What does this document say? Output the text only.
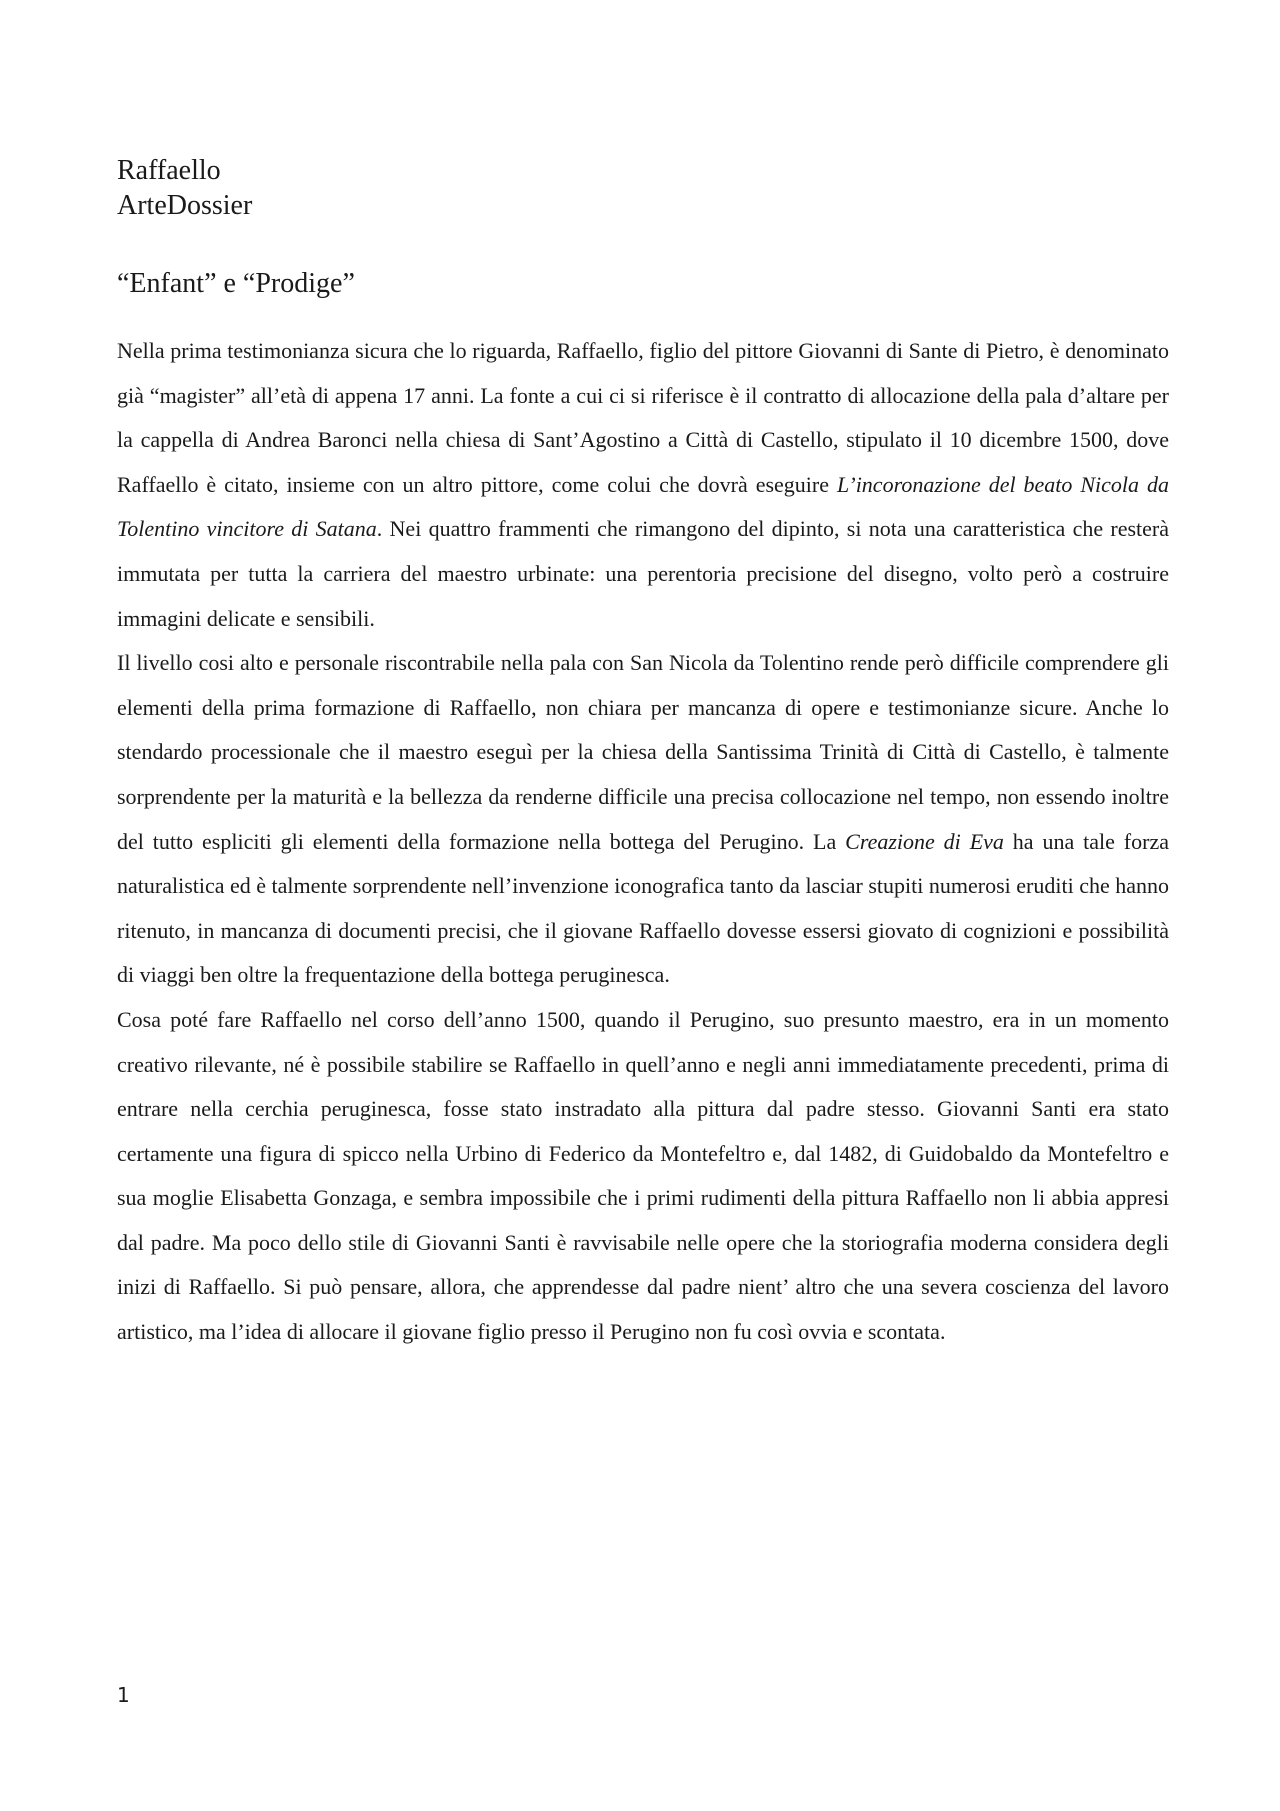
Raffaello
ArteDossier
“Enfant” e “Prodige”

Nella prima testimonianza sicura che lo riguarda, Raffaello, figlio del pittore Giovanni di Sante di Pietro, è denominato già “magister” all’età di appena 17 anni. La fonte a cui ci si riferisce è il contratto di allocazione della pala d’altare per la cappella di Andrea Baronci nella chiesa di Sant’Agostino a Città di Castello, stipulato il 10 dicembre 1500, dove Raffaello è citato, insieme con un altro pittore, come colui che dovrà eseguire L’incoronazione del beato Nicola da Tolentino vincitore di Satana. Nei quattro frammenti che rimangono del dipinto, si nota una caratteristica che resterà immutata per tutta la carriera del maestro urbinate: una perentoria precisione del disegno, volto però a costruire immagini delicate e sensibili.

Il livello cosi alto e personale riscontrabile nella pala con San Nicola da Tolentino rende però difficile comprendere gli elementi della prima formazione di Raffaello, non chiara per mancanza di opere e testimonianze sicure. Anche lo stendardo processionale che il maestro eseguì per la chiesa della Santissima Trinità di Città di Castello, è talmente sorprendente per la maturità e la bellezza da renderne difficile una precisa collocazione nel tempo, non essendo inoltre del tutto espliciti gli elementi della formazione nella bottega del Perugino. La Creazione di Eva ha una tale forza naturalistica ed è talmente sorprendente nell’invenzione iconografica tanto da lasciar stupiti numerosi eruditi che hanno ritenuto, in mancanza di documenti precisi, che il giovane Raffaello dovesse essersi giovato di cognizioni e possibilità di viaggi ben oltre la frequentazione della bottega peruginesca.

Cosa poté fare Raffaello nel corso dell’anno 1500, quando il Perugino, suo presunto maestro, era in un momento creativo rilevante, né è possibile stabilire se Raffaello in quell’anno e negli anni immediatamente precedenti, prima di entrare nella cerchia peruginesca, fosse stato instradato alla pittura dal padre stesso. Giovanni Santi era stato certamente una figura di spicco nella Urbino di Federico da Montefeltro e, dal 1482, di Guidobaldo da Montefeltro e sua moglie Elisabetta Gonzaga, e sembra impossibile che i primi rudimenti della pittura Raffaello non li abbia appresi dal padre. Ma poco dello stile di Giovanni Santi è ravvisabile nelle opere che la storiografia moderna considera degli inizi di Raffaello. Si può pensare, allora, che apprendesse dal padre nient’ altro che una severa coscienza del lavoro artistico, ma l’idea di allocare il giovane figlio presso il Perugino non fu così ovvia e scontata.

1
